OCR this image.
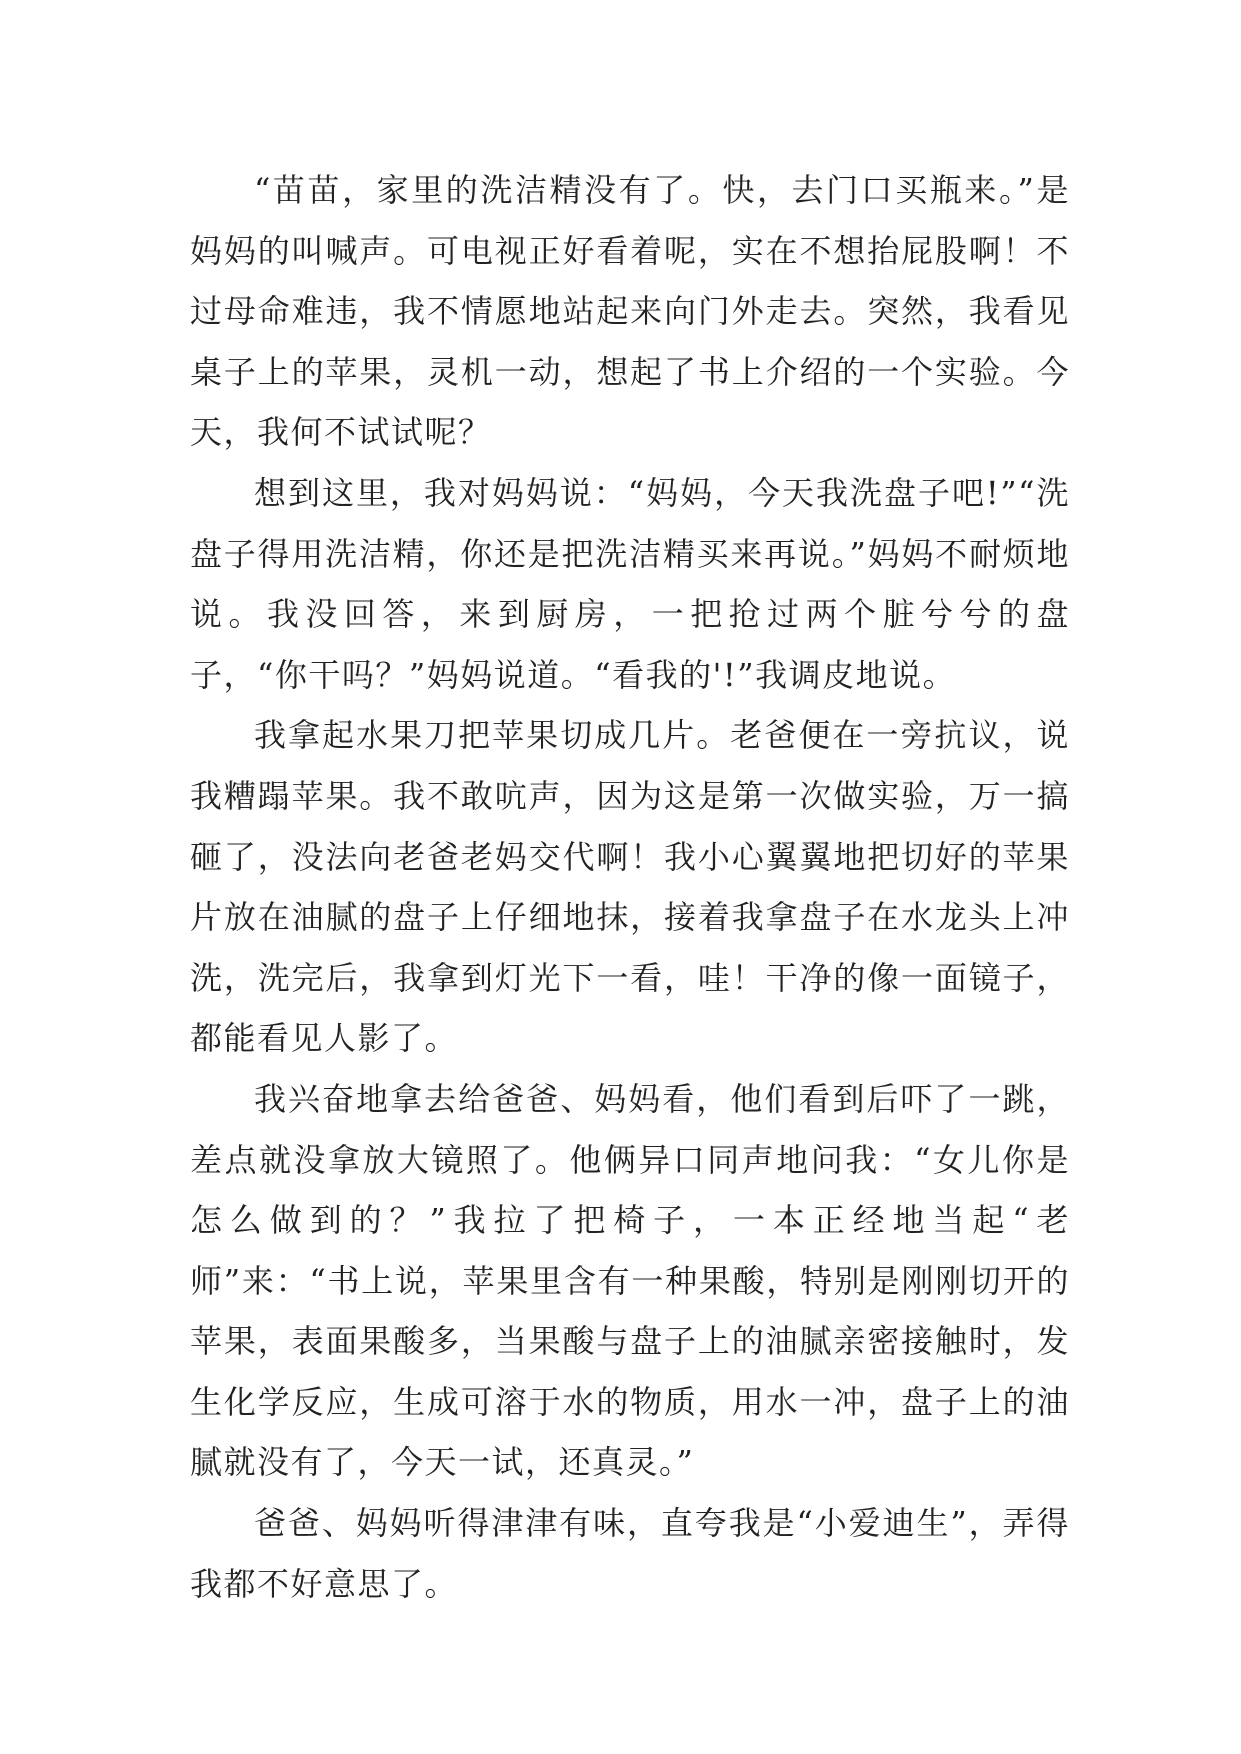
“苗苗，家里的洗洁精没有了。快，去门口买瓶来。”是妈妈的叫喊声。可电视正好看着呢，实在不想抬屁股啊！不过母命难违，我不情愿地站起来向门外走去。突然，我看见桌子上的苹果，灵机一动，想起了书上介绍的一个实验。今天，我何不试试呢？

想到这里，我对妈妈说：“妈妈，今天我洗盘子吧!”“洗盘子得用洗洁精，你还是把洗洁精买来再说。”妈妈不耐烦地说。我没回答，来到厨房，一把抢过两个脏兮兮的盘子，“你干吗？”妈妈说道。“看我的'!”我调皮地说。

我拿起水果刀把苹果切成几片。老爸便在一旁抗议，说我糟蹋苹果。我不敢吭声，因为这是第一次做实验，万一搞砸了，没法向老爸老妈交代啊！我小心翼翼地把切好的苹果片放在油腻的盘子上仔细地抹，接着我拿盘子在水龙头上冲洗，洗完后，我拿到灯光下一看，哇！干净的像一面镜子，都能看见人影了。

我兴奋地拿去给爸爸、妈妈看，他们看到后吓了一跳，差点就没拿放大镜照了。他俩异口同声地问我：“女儿你是怎么做到的？”我拉了把椅子，一本正经地当起“老师”来：“书上说，苹果里含有一种果酸，特别是刚刚切开的苹果，表面果酸多，当果酸与盘子上的油腻亲密接触时，发生化学反应，生成可溶于水的物质，用水一冲，盘子上的油腻就没有了，今天一试，还真灵。”

爸爸、妈妈听得津津有味，直夸我是“小爱迪生”，弄得我都不好意思了。
